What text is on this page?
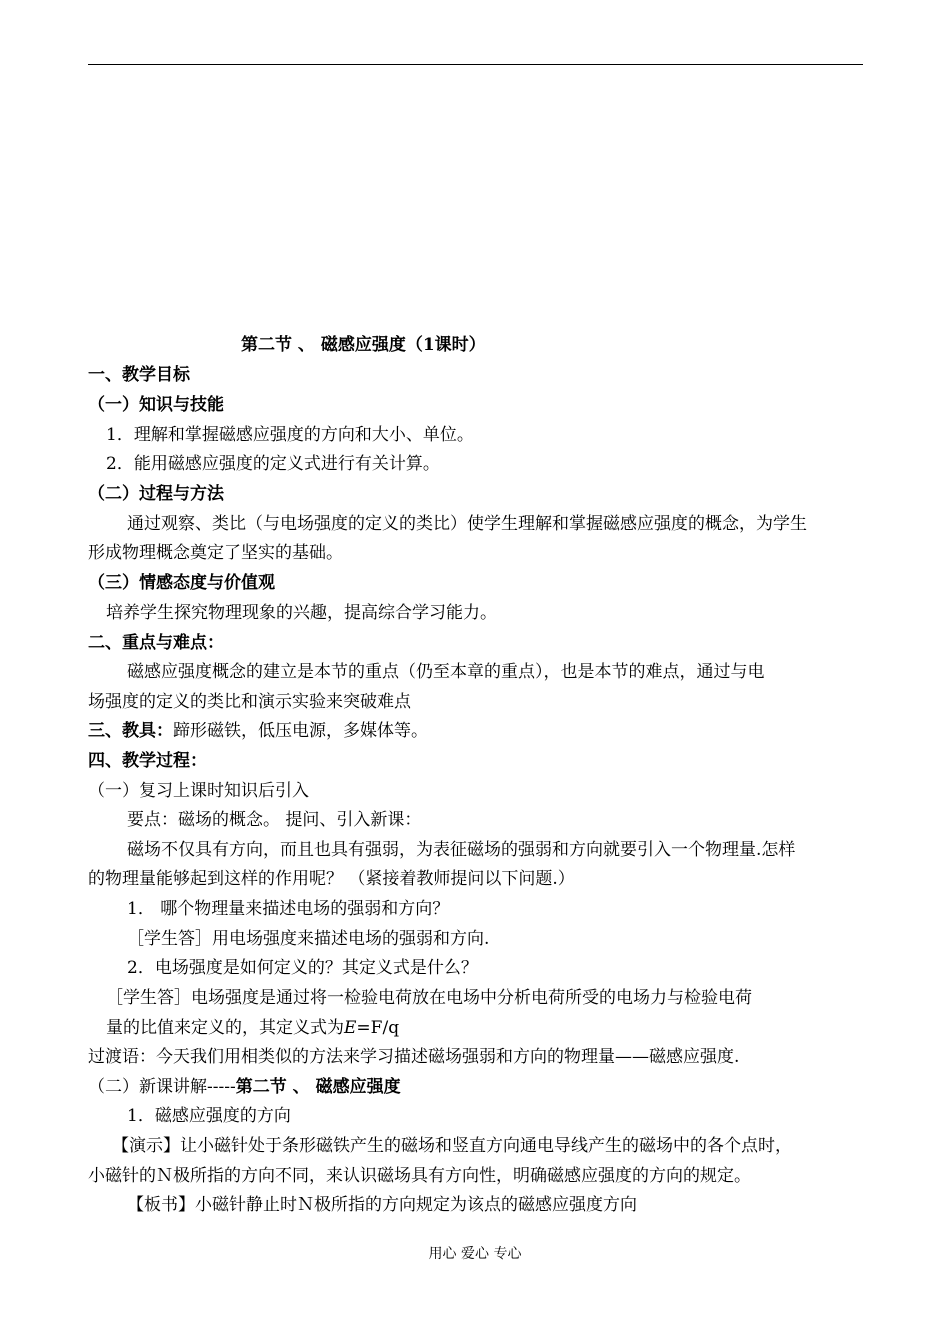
第二节 、 磁感应强度（1课时）
一、教学目标
（一）知识与技能
1．理解和掌握磁感应强度的方向和大小、单位。
2．能用磁感应强度的定义式进行有关计算。
（二）过程与方法
通过观察、类比（与电场强度的定义的类比）使学生理解和掌握磁感应强度的概念，为学生
形成物理概念奠定了坚实的基础。
（三）情感态度与价值观
培养学生探究物理现象的兴趣，提高综合学习能力。
二、重点与难点：
磁感应强度概念的建立是本节的重点（仍至本章的重点），也是本节的难点，通过与电
场强度的定义的类比和演示实验来突破难点
三、教具：蹄形磁铁，低压电源，多媒体等。
四、教学过程：
（一）复习上课时知识后引入
要点：磁场的概念。 提问、引入新课：
磁场不仅具有方向，而且也具有强弱，为表征磁场的强弱和方向就要引入一个物理量.怎样
的物理量能够起到这样的作用呢？ （紧接着教师提问以下问题.）
1． 哪个物理量来描述电场的强弱和方向？
［学生答］用电场强度来描述电场的强弱和方向.
2．电场强度是如何定义的？其定义式是什么？
［学生答］电场强度是通过将一检验电荷放在电场中分析电荷所受的电场力与检验电荷
量的比值来定义的，其定义式为E=F/q
过渡语：今天我们用相类似的方法来学习描述磁场强弱和方向的物理量——磁感应强度.
（二）新课讲解-----第二节 、 磁感应强度
1．磁感应强度的方向
【演示】让小磁针处于条形磁铁产生的磁场和竖直方向通电导线产生的磁场中的各个点时，
小磁针的Ｎ极所指的方向不同，来认识磁场具有方向性，明确磁感应强度的方向的规定。
【板书】小磁针静止时Ｎ极所指的方向规定为该点的磁感应强度方向
用心 爱心 专心
